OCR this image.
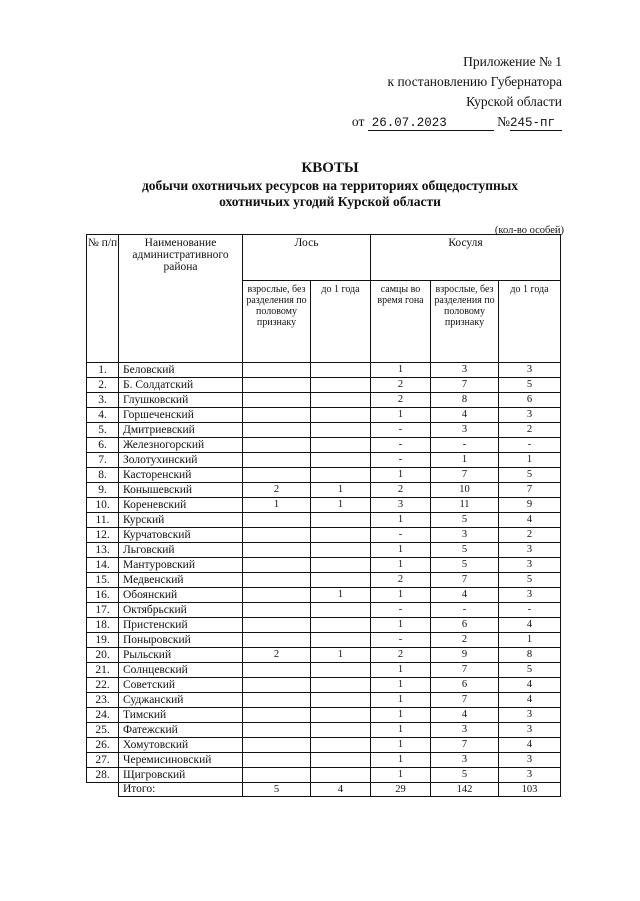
Приложение № 1
к постановлению Губернатора
Курской области
от 26.07.2023	№245-пг
КВОТЫ
добычи охотничьих ресурсов на территориях общедоступных
охотничьих угодий Курской области
(кол-во особей)
№ п/п	Наименование административного района	Лось		Косуля		
		взрослые, без разделения по половому признаку	до 1 года	самцы во время гона	взрослые, без разделения по половому признаку	до 1 года
1.	Беловский			1	3	3
2.	Б. Солдатский			2	7	5
3.	Глушковский			2	8	6
4.	Горшеченский			1	4	3
5.	Дмитриевский			-	3	2
6.	Железногорский			-	-	-
7.	Золотухинский			-	1	1
8.	Касторенский			1	7	5
9.	Конышевский	2	1	2	10	7
10.	Кореневский	1	1	3	11	9
11.	Курский			1	5	4
12.	Курчатовский			-	3	2
13.	Льговский			1	5	3
14.	Мантуровский			1	5	3
15.	Медвенский			2	7	5
16.	Обоянский		1	1	4	3
17.	Октябрьский			-	-	-
18.	Пристенский			1	6	4
19.	Поныровский			-	2	1
20.	Рыльский	2	1	2	9	8
21.	Солнцевский			1	7	5
22.	Советский			1	6	4
23.	Суджанский			1	7	4
24.	Тимский			1	4	3
25.	Фатежский			1	3	3
26.	Хомутовский			1	7	4
27.	Черемисиновский			1	3	3
28.	Щигровский			1	5	3
	Итого:	5	4	29	142	103
